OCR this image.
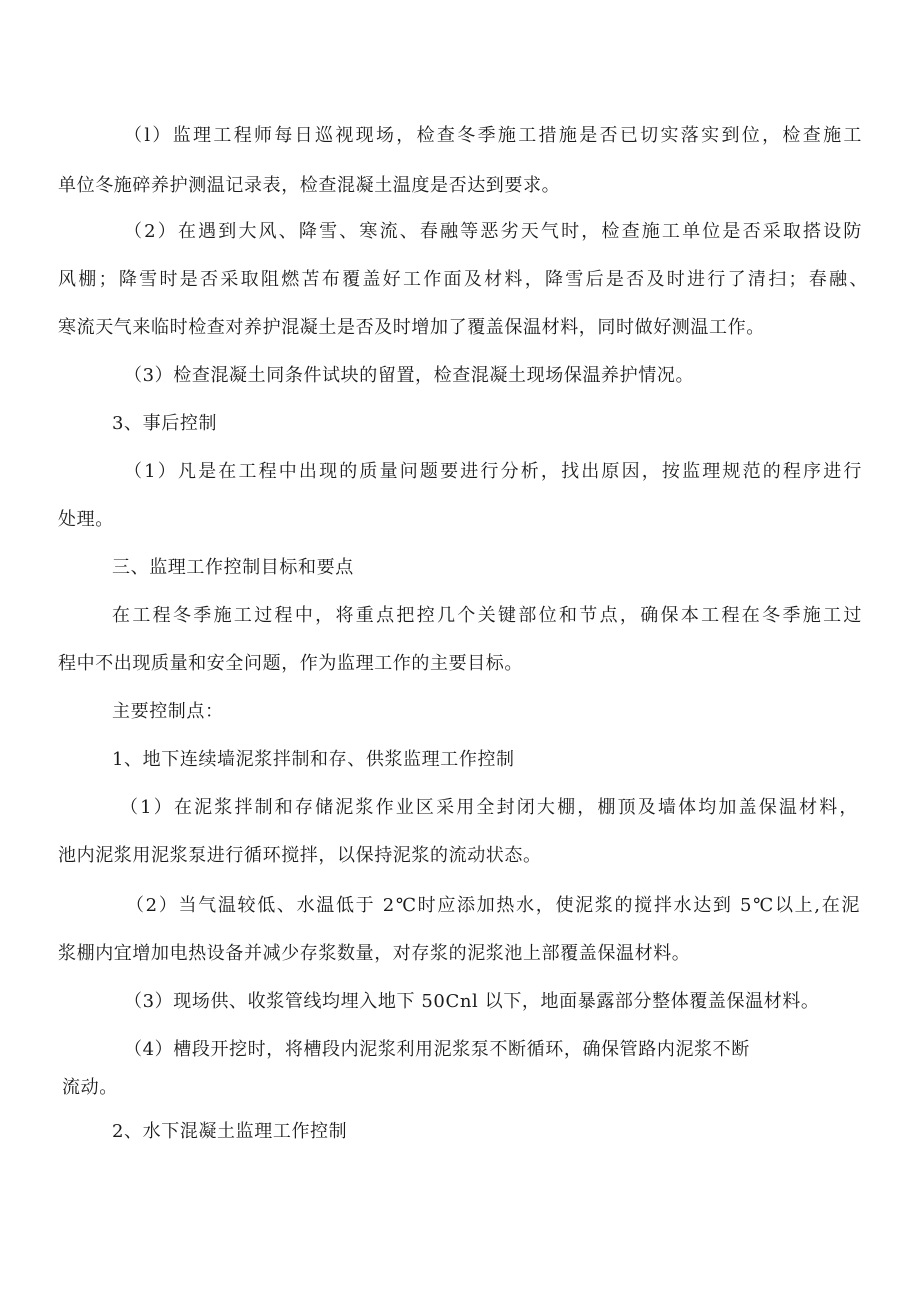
（l）监理工程师每日巡视现场，检查冬季施工措施是否已切实落实到位，检查施工
单位冬施碎养护测温记录表，检查混凝土温度是否达到要求。
（2）在遇到大风、降雪、寒流、春融等恶劣天气时，检查施工单位是否采取搭设防
风棚；降雪时是否采取阻燃苫布覆盖好工作面及材料，降雪后是否及时进行了清扫；春融、
寒流天气来临时检查对养护混凝土是否及时增加了覆盖保温材料，同时做好测温工作。
（3）检查混凝土同条件试块的留置，检查混凝土现场保温养护情况。
3、事后控制
（1）凡是在工程中出现的质量问题要进行分析，找出原因，按监理规范的程序进行
处理。
三、监理工作控制目标和要点
在工程冬季施工过程中，将重点把控几个关键部位和节点，确保本工程在冬季施工过
程中不出现质量和安全问题，作为监理工作的主要目标。
主要控制点：
1、地下连续墙泥浆拌制和存、供浆监理工作控制
（1）在泥浆拌制和存储泥浆作业区采用全封闭大棚，棚顶及墙体均加盖保温材料，
池内泥浆用泥浆泵进行循环搅拌，以保持泥浆的流动状态。
（2）当气温较低、水温低于 2℃时应添加热水，使泥浆的搅拌水达到 5℃以上,在泥
浆棚内宜增加电热设备并减少存浆数量，对存浆的泥浆池上部覆盖保温材料。
（3）现场供、收浆管线均埋入地下 50Cnl 以下，地面暴露部分整体覆盖保温材料。
（4）槽段开挖时，将槽段内泥浆利用泥浆泵不断循环，确保管路内泥浆不断
流动。
2、水下混凝土监理工作控制
